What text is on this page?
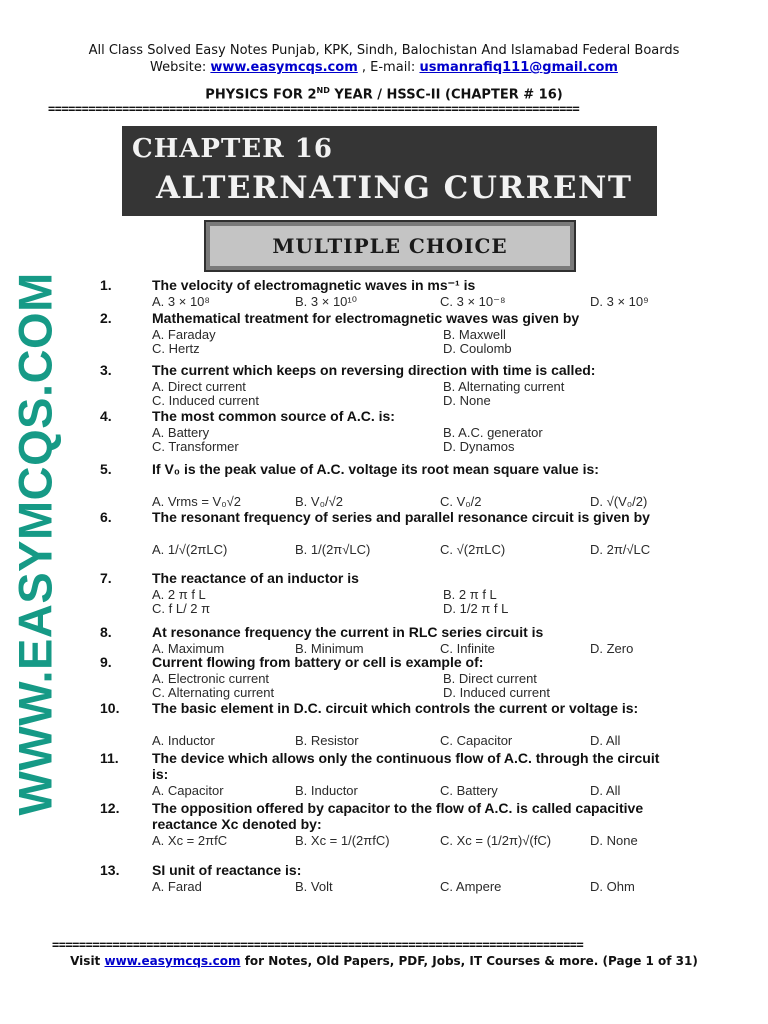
All Class Solved Easy Notes Punjab, KPK, Sindh, Balochistan And Islamabad Federal Boards
Website: www.easymcqs.com , E-mail: usmanrafiq111@gmail.com
PHYSICS FOR 2ND YEAR / HSSC-II (CHAPTER # 16)
===============================================================================
WWW.EASYMCQS.COM
CHAPTER 16
ALTERNATING CURRENT
MULTIPLE CHOICE
1.	The velocity of electromagnetic waves in ms⁻¹ is
A. 3 × 10⁸	B. 3 × 10¹⁰	C. 3 × 10⁻⁸	D. 3 × 10⁹
2.	Mathematical treatment for electromagnetic waves was given by
A. Faraday	B. Maxwell
C. Hertz	D. Coulomb
3.	The current which keeps on reversing direction with time is called:
A. Direct current	B. Alternating current
C. Induced current	D. None
4.	The most common source of A.C. is:
A. Battery	B. A.C. generator
C. Transformer	D. Dynamos
5.	If V₀ is the peak value of A.C. voltage its root mean square value is:
A. Vrms = V₀√2	B. V₀/√2	C. V₀/2	D. √(V₀/2)
6.	The resonant frequency of series and parallel resonance circuit is given by
A. 1/√(2πLC)	B. 1/(2π√LC)	C. √(2πLC)	D. 2π/√LC
7.	The reactance of an inductor is
A. 2 π f L	B. 2 π f L
C. f L/ 2 π	D. 1/2 π f L
8.	At resonance frequency the current in RLC series circuit is
A. Maximum	B. Minimum	C. Infinite	D. Zero
9.	Current flowing from battery or cell is example of:
A. Electronic current	B. Direct current
C. Alternating current	D. Induced current
10.	The basic element in D.C. circuit which controls the current or voltage is:
A. Inductor	B. Resistor	C. Capacitor	D. All
11.	The device which allows only the continuous flow of A.C. through the circuit is:
A. Capacitor	B. Inductor	C. Battery	D. All
12.	The opposition offered by capacitor to the flow of A.C. is called capacitive reactance Xc denoted by:
A. Xc = 2πfC	B. Xc = 1/(2πfC)	C. Xc = (1/2π)√(fC)	D. None
13.	SI unit of reactance is:
A. Farad	B. Volt	C. Ampere	D. Ohm
===============================================================================
Visit www.easymcqs.com for Notes, Old Papers, PDF, Jobs, IT Courses & more. (Page 1 of 31)
